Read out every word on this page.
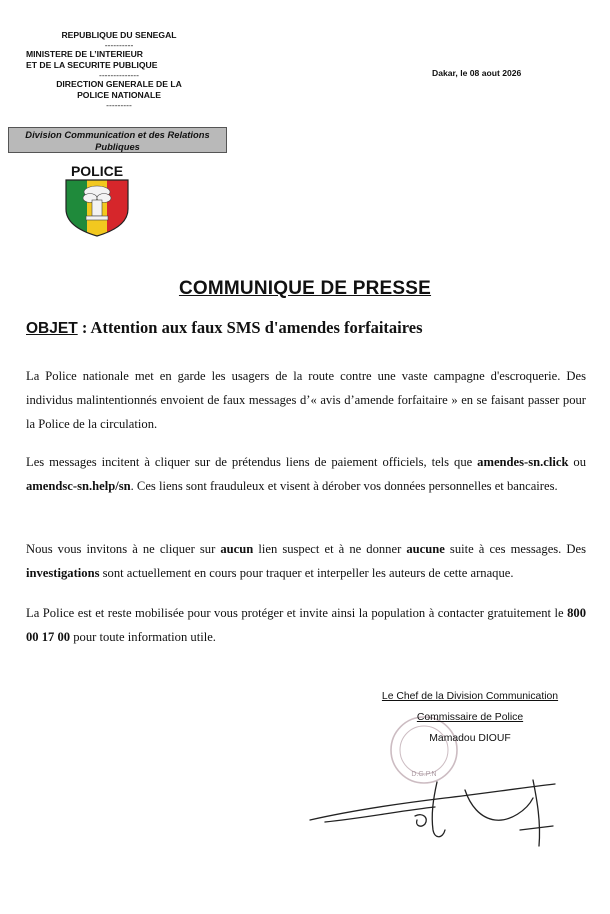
REPUBLIQUE DU SENEGAL
----------
MINISTERE DE L’INTERIEUR
ET DE LA SECURITE PUBLIQUE
--------------
DIRECTION GENERALE DE LA
POLICE NATIONALE
---------
Dakar, le 08 aout 2026
Division Communication et des Relations
Publiques
POLICE
COMMUNIQUE DE PRESSE
OBJET : Attention aux faux SMS d'amendes forfaitaires
La Police nationale met en garde les usagers de la route contre une vaste campagne d'escroquerie. Des individus malintentionnés envoient de faux messages d’« avis d’amende forfaitaire » en se faisant passer pour la Police de la circulation.
Les messages incitent à cliquer sur de prétendus liens de paiement officiels, tels que amendes-sn.click ou amendsc-sn.help/sn. Ces liens sont frauduleux et visent à dérober vos données personnelles et bancaires.
Nous vous invitons à ne cliquer sur aucun lien suspect et à ne donner aucune suite à ces messages. Des investigations sont actuellement en cours pour traquer et interpeller les auteurs de cette arnaque.
La Police est et reste mobilisée pour vous protéger et invite ainsi la population à contacter gratuitement le 800 00 17 00 pour toute information utile.
D.G.P.N
Le Chef de la Division Communication
Commissaire de Police
Mamadou DIOUF
